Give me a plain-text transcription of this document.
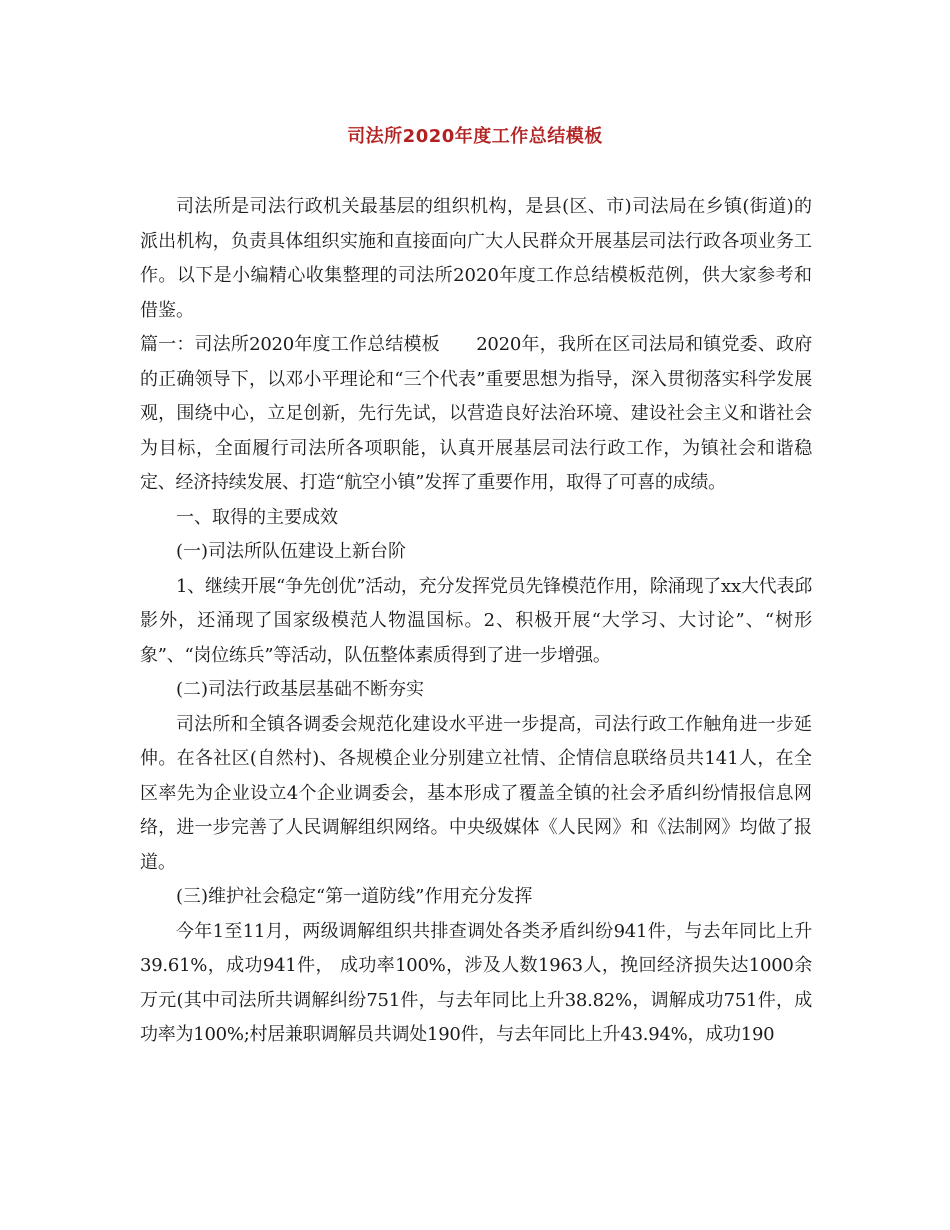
司法所2020年度工作总结模板

司法所是司法行政机关最基层的组织机构，是县(区、市)司法局在乡镇(街道)的派出机构，负责具体组织实施和直接面向广大人民群众开展基层司法行政各项业务工作。以下是小编精心收集整理的司法所2020年度工作总结模板范例，供大家参考和借鉴。

篇一：司法所2020年度工作总结模板　　2020年，我所在区司法局和镇党委、政府的正确领导下，以邓小平理论和“三个代表”重要思想为指导，深入贯彻落实科学发展观，围绕中心，立足创新，先行先试，以营造良好法治环境、建设社会主义和谐社会为目标，全面履行司法所各项职能，认真开展基层司法行政工作，为镇社会和谐稳定、经济持续发展、打造“航空小镇”发挥了重要作用，取得了可喜的成绩。

一、取得的主要成效

(一)司法所队伍建设上新台阶

1、继续开展“争先创优”活动，充分发挥党员先锋模范作用，除涌现了xx大代表邱影外，还涌现了国家级模范人物温国标。2、积极开展“大学习、大讨论”、“树形象”、“岗位练兵”等活动，队伍整体素质得到了进一步增强。

(二)司法行政基层基础不断夯实

司法所和全镇各调委会规范化建设水平进一步提高，司法行政工作触角进一步延伸。在各社区(自然村)、各规模企业分别建立社情、企情信息联络员共141人，在全区率先为企业设立4个企业调委会，基本形成了覆盖全镇的社会矛盾纠纷情报信息网络，进一步完善了人民调解组织网络。中央级媒体《人民网》和《法制网》均做了报道。

(三)维护社会稳定“第一道防线”作用充分发挥

今年1至11月，两级调解组织共排查调处各类矛盾纠纷941件，与去年同比上升39.61%，成功941件， 成功率100%，涉及人数1963人，挽回经济损失达1000余万元(其中司法所共调解纠纷751件，与去年同比上升38.82%，调解成功751件，成功率为100%;村居兼职调解员共调处190件，与去年同比上升43.94%，成功190
